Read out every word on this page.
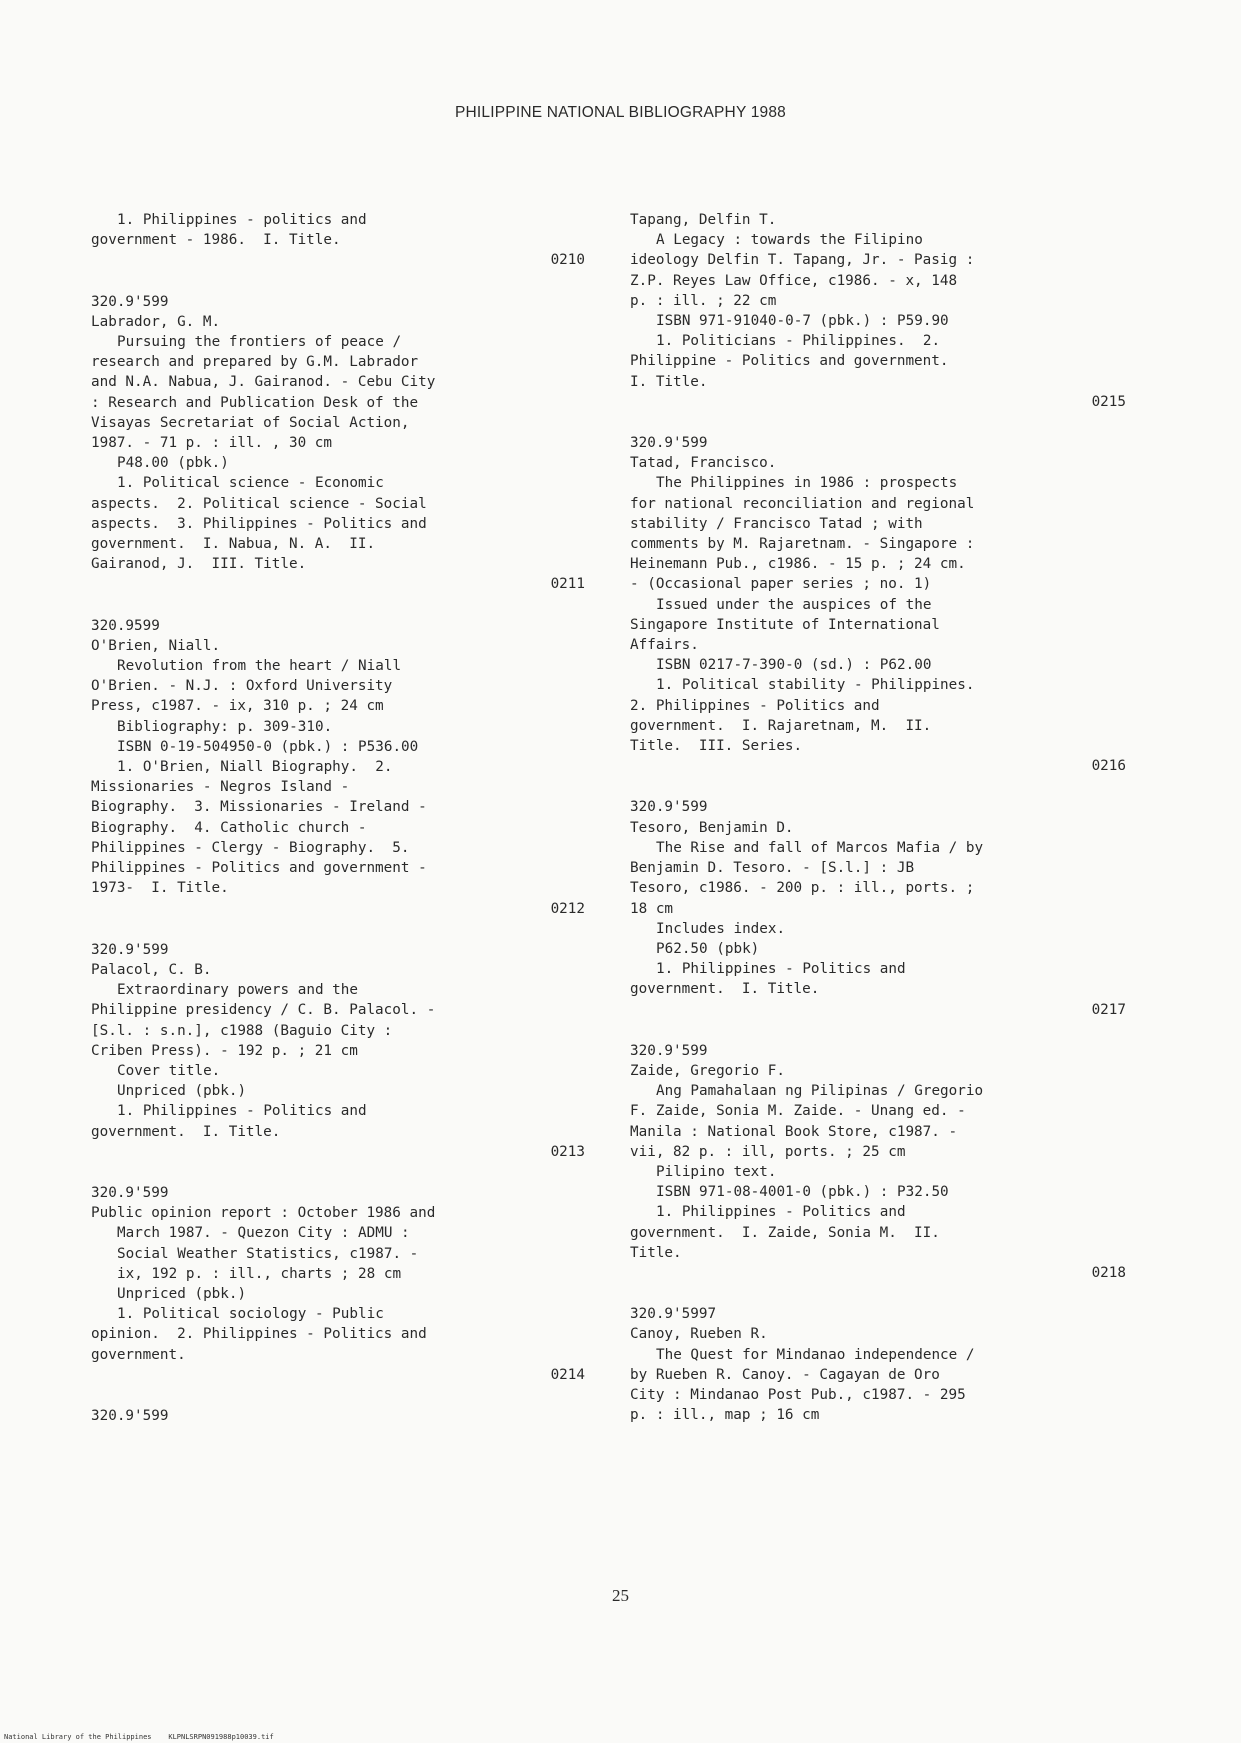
PHILIPPINE NATIONAL BIBLIOGRAPHY 1988
1. Philippines - politics and
government - 1986.  I. Title.
0210
320.9'599
Labrador, G. M.
Pursuing the frontiers of peace /
research and prepared by G.M. Labrador
and N.A. Nabua, J. Gairanod. - Cebu City
: Research and Publication Desk of the
Visayas Secretariat of Social Action,
1987. - 71 p. : ill. , 30 cm
P48.00 (pbk.)
1. Political science - Economic
aspects.  2. Political science - Social
aspects.  3. Philippines - Politics and
government.  I. Nabua, N. A.  II.
Gairanod, J.  III. Title.
0211
320.9599
O'Brien, Niall.
Revolution from the heart / Niall
O'Brien. - N.J. : Oxford University
Press, c1987. - ix, 310 p. ; 24 cm
Bibliography: p. 309-310.
ISBN 0-19-504950-0 (pbk.) : P536.00
1. O'Brien, Niall Biography.  2.
Missionaries - Negros Island -
Biography.  3. Missionaries - Ireland -
Biography.  4. Catholic church -
Philippines - Clergy - Biography.  5.
Philippines - Politics and government -
1973-  I. Title.
0212
320.9'599
Palacol, C. B.
Extraordinary powers and the
Philippine presidency / C. B. Palacol. -
[S.l. : s.n.], c1988 (Baguio City :
Criben Press). - 192 p. ; 21 cm
Cover title.
Unpriced (pbk.)
1. Philippines - Politics and
government.  I. Title.
0213
320.9'599
Public opinion report : October 1986 and
March 1987. - Quezon City : ADMU :
Social Weather Statistics, c1987. -
ix, 192 p. : ill., charts ; 28 cm
Unpriced (pbk.)
1. Political sociology - Public
opinion.  2. Philippines - Politics and
government.
0214
320.9'599
Tapang, Delfin T.
A Legacy : towards the Filipino
ideology Delfin T. Tapang, Jr. - Pasig :
Z.P. Reyes Law Office, c1986. - x, 148
p. : ill. ; 22 cm
ISBN 971-91040-0-7 (pbk.) : P59.90
1. Politicians - Philippines.  2.
Philippine - Politics and government.
I. Title.
0215
320.9'599
Tatad, Francisco.
The Philippines in 1986 : prospects
for national reconciliation and regional
stability / Francisco Tatad ; with
comments by M. Rajaretnam. - Singapore :
Heinemann Pub., c1986. - 15 p. ; 24 cm.
- (Occasional paper series ; no. 1)
Issued under the auspices of the
Singapore Institute of International
Affairs.
ISBN 0217-7-390-0 (sd.) : P62.00
1. Political stability - Philippines.
2. Philippines - Politics and
government.  I. Rajaretnam, M.  II.
Title.  III. Series.
0216
320.9'599
Tesoro, Benjamin D.
The Rise and fall of Marcos Mafia / by
Benjamin D. Tesoro. - [S.l.] : JB
Tesoro, c1986. - 200 p. : ill., ports. ;
18 cm
Includes index.
P62.50 (pbk)
1. Philippines - Politics and
government.  I. Title.
0217
320.9'599
Zaide, Gregorio F.
Ang Pamahalaan ng Pilipinas / Gregorio
F. Zaide, Sonia M. Zaide. - Unang ed. -
Manila : National Book Store, c1987. -
vii, 82 p. : ill, ports. ; 25 cm
Pilipino text.
ISBN 971-08-4001-0 (pbk.) : P32.50
1. Philippines - Politics and
government.  I. Zaide, Sonia M.  II.
Title.
0218
320.9'5997
Canoy, Rueben R.
The Quest for Mindanao independence /
by Rueben R. Canoy. - Cagayan de Oro
City : Mindanao Post Pub., c1987. - 295
p. : ill., map ; 16 cm
25
National Library of the Philippines    KLPNLSRPN091988p10039.tif
